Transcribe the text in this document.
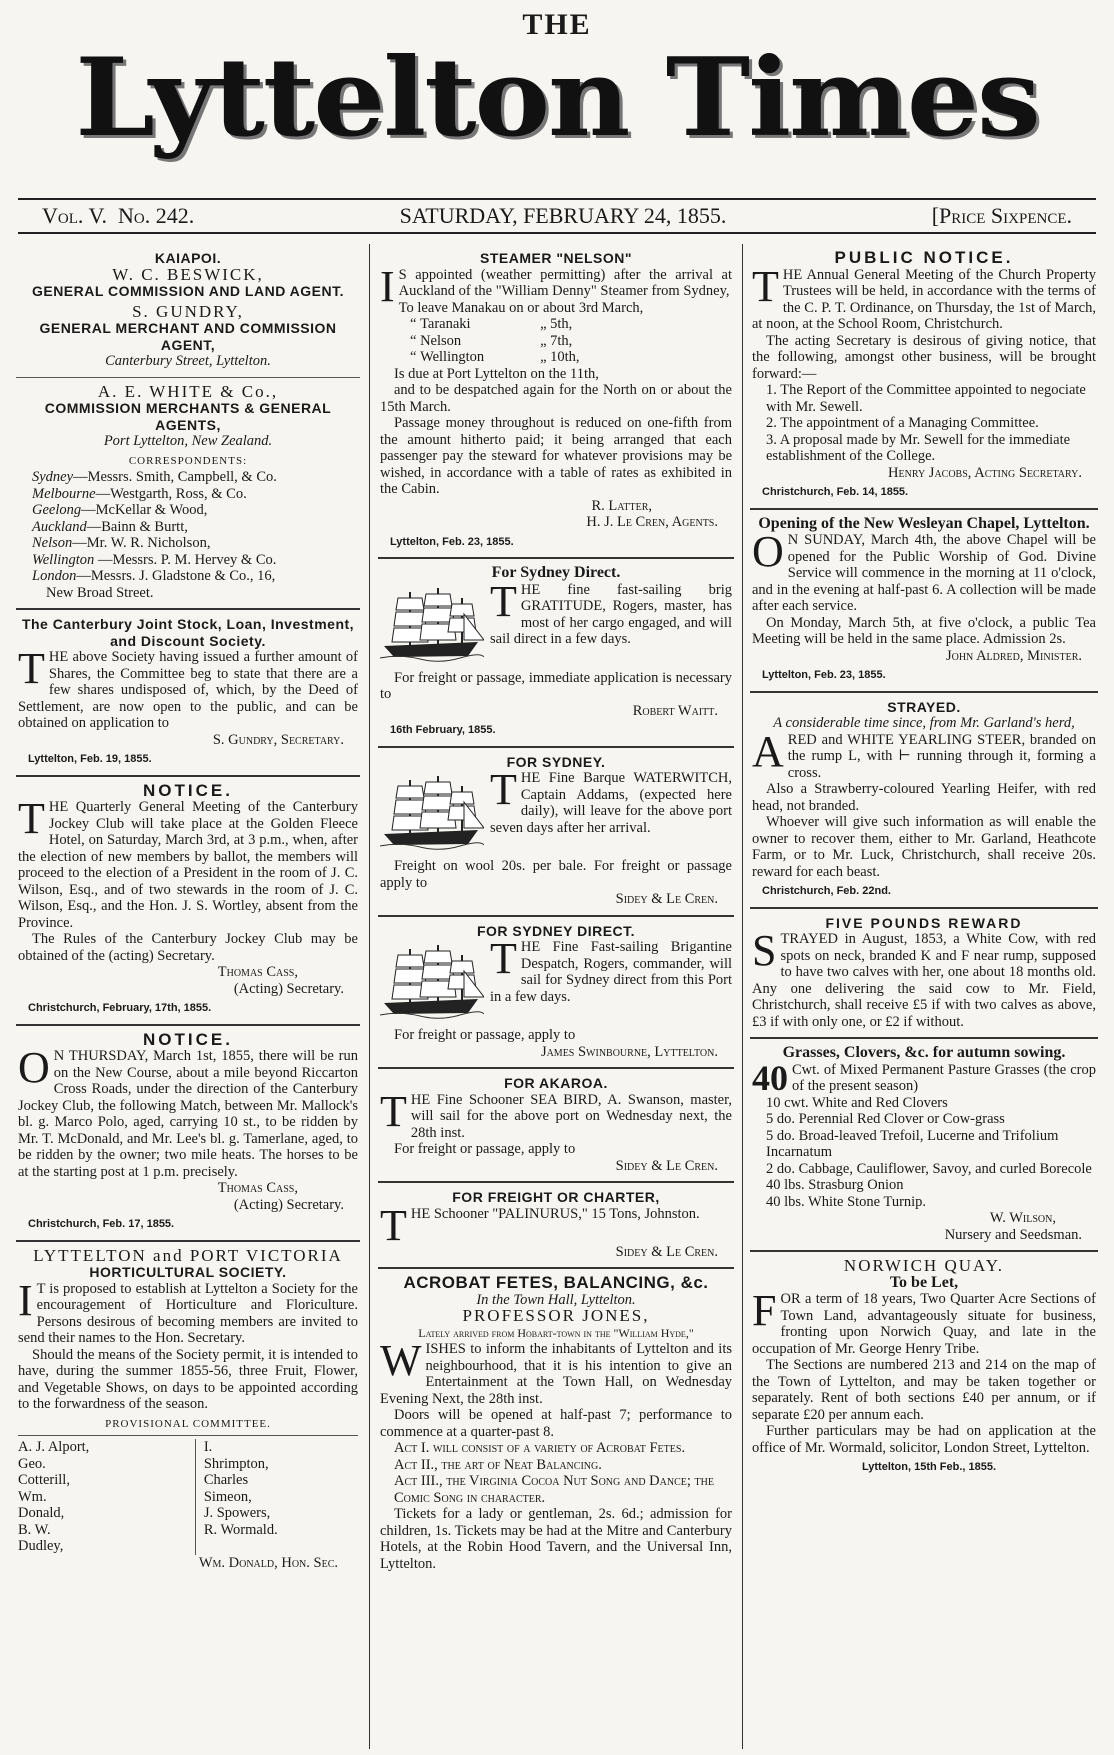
THE
Lyttelton Times
Vol. V. No. 242.	SATURDAY, FEBRUARY 24, 1855.	[Price Sixpence.
KAIAPOI.
W. C. BESWICK,
GENERAL COMMISSION AND LAND AGENT.
S. GUNDRY,
GENERAL MERCHANT AND COMMISSION AGENT,
Canterbury Street, Lyttelton.
A. E. WHITE & Co.,
COMMISSION MERCHANTS & GENERAL AGENTS,
Port Lyttelton, New Zealand.
CORRESPONDENTS:
Sydney—Messrs. Smith, Campbell, & Co.
Melbourne—Westgarth, Ross, & Co.
Geelong—McKellar & Wood,
Auckland—Bainn & Burtt,
Nelson—Mr. W. R. Nicholson,
Wellington —Messrs. P. M. Hervey & Co.
London—Messrs. J. Gladstone & Co., 16,
New Broad Street.
The Canterbury Joint Stock, Loan, Investment, and Discount Society.
THE above Society having issued a further amount of Shares, the Committee beg to state that there are a few shares undisposed of, which, by the Deed of Settlement, are now open to the public, and can be obtained on application to
S. Gundry, Secretary.
Lyttelton, Feb. 19, 1855.
NOTICE.
THE Quarterly General Meeting of the Canterbury Jockey Club will take place at the Golden Fleece Hotel, on Saturday, March 3rd, at 3 p.m., when, after the election of new members by ballot, the members will proceed to the election of a President in the room of J. C. Wilson, Esq., and of two stewards in the room of J. C. Wilson, Esq., and the Hon. J. S. Wortley, absent from the Province.
The Rules of the Canterbury Jockey Club may be obtained of the (acting) Secretary.
Thomas Cass,
(Acting) Secretary.
Christchurch, February, 17th, 1855.
NOTICE.
O N THURSDAY, March 1st, 1855, there will be run on the New Course, about a mile beyond Riccarton Cross Roads, under the direction of the Canterbury Jockey Club, the following Match, between Mr. Mallock's bl. g. Marco Polo, aged, carrying 10 st., to be ridden by Mr. T. McDonald, and Mr. Lee's bl. g. Tamerlane, aged, to be ridden by the owner; two mile heats. The horses to be at the starting post at 1 p.m. precisely.
Thomas Cass,
(Acting) Secretary.
Christchurch, Feb. 17, 1855.
LYTTELTON and PORT VICTORIA
HORTICULTURAL SOCIETY.
I T is proposed to establish at Lyttelton a Society for the encouragement of Horticulture and Floriculture. Persons desirous of becoming members are invited to send their names to the Hon. Secretary.
Should the means of the Society permit, it is intended to have, during the summer 1855-56, three Fruit, Flower, and Vegetable Shows, on days to be appointed according to the forwardness of the season.
PROVISIONAL COMMITTEE.
A. J. Alport,
Geo. Cotterill,
Wm. Donald,
B. W. Dudley,
I. Shrimpton,
Charles Simeon,
J. Spowers,
R. Wormald.
Wm. Donald, Hon. Sec.
STEAMER "NELSON"
I S appointed (weather permitting) after the arrival at Auckland of the "William Denny" Steamer from Sydney,
To leave Manakau on or about 3rd March,
“ Taranaki	„ 5th,
“ Nelson	„ 7th,
“ Wellington	„ 10th,
Is due at Port Lyttelton on the 11th,
and to be despatched again for the North on or about the 15th March.
Passage money throughout is reduced on one-fifth from the amount hitherto paid; it being arranged that each passenger pay the steward for whatever provisions may be wished, in accordance with a table of rates as exhibited in the Cabin.
R. Latter,
H. J. Le Cren, Agents.
Lyttelton, Feb. 23, 1855.
For Sydney Direct.
THE fine fast-sailing brig GRATITUDE, Rogers, master, has most of her cargo engaged, and will sail direct in a few days.
For freight or passage, immediate application is necessary to
Robert Waitt.
16th February, 1855.
FOR SYDNEY.
THE Fine Barque WATERWITCH, Captain Addams, (expected here daily), will leave for the above port seven days after her arrival.
Freight on wool 20s. per bale. For freight or passage apply to
Sidey & Le Cren.
FOR SYDNEY DIRECT.
THE Fine Fast-sailing Brigantine Despatch, Rogers, commander, will sail for Sydney direct from this Port in a few days.
For freight or passage, apply to
James Swinbourne, Lyttelton.
FOR AKAROA.
THE Fine Schooner SEA BIRD, A. Swanson, master, will sail for the above port on Wednesday next, the 28th inst.
For freight or passage, apply to
Sidey & Le Cren.
FOR FREIGHT OR CHARTER,
THE Schooner "PALINURUS," 15 Tons, Johnston.
Sidey & Le Cren.
ACROBAT FETES, BALANCING, &c.
In the Town Hall, Lyttelton.
PROFESSOR JONES,
Lately arrived from Hobart-town in the "William Hyde,"
WISHES to inform the inhabitants of Lyttelton and its neighbourhood, that it is his intention to give an Entertainment at the Town Hall, on Wednesday Evening Next, the 28th inst.
Doors will be opened at half-past 7; performance to commence at a quarter-past 8.
Act I. will consist of a variety of Acrobat Fetes.
Act II., the art of Neat Balancing.
Act III., the Virginia Cocoa Nut Song and Dance; the Comic Song in character.
Tickets for a lady or gentleman, 2s. 6d.; admission for children, 1s. Tickets may be had at the Mitre and Canterbury Hotels, at the Robin Hood Tavern, and the Universal Inn, Lyttelton.
PUBLIC NOTICE.
THE Annual General Meeting of the Church Property Trustees will be held, in accordance with the terms of the C. P. T. Ordinance, on Thursday, the 1st of March, at noon, at the School Room, Christchurch.
The acting Secretary is desirous of giving notice, that the following, amongst other business, will be brought forward:—
1. The Report of the Committee appointed to negociate with Mr. Sewell.
2. The appointment of a Managing Committee.
3. A proposal made by Mr. Sewell for the immediate establishment of the College.
Henry Jacobs, Acting Secretary.
Christchurch, Feb. 14, 1855.
Opening of the New Wesleyan Chapel, Lyttelton.
O N SUNDAY, March 4th, the above Chapel will be opened for the Public Worship of God. Divine Service will commence in the morning at 11 o'clock, and in the evening at half-past 6. A collection will be made after each service.
On Monday, March 5th, at five o'clock, a public Tea Meeting will be held in the same place. Admission 2s.
John Aldred, Minister.
Lyttelton, Feb. 23, 1855.
STRAYED.
A considerable time since, from Mr. Garland's herd,
ARED and WHITE YEARLING STEER, branded on the rump L, with ⊢ running through it, forming a cross.
Also a Strawberry-coloured Yearling Heifer, with red head, not branded.
Whoever will give such information as will enable the owner to recover them, either to Mr. Garland, Heathcote Farm, or to Mr. Luck, Christchurch, shall receive 20s. reward for each beast.
Christchurch, Feb. 22nd.
FIVE POUNDS REWARD
STRAYED in August, 1853, a White Cow, with red spots on neck, branded K and F near rump, supposed to have two calves with her, one about 18 months old. Any one delivering the said cow to Mr. Field, Christchurch, shall receive £5 if with two calves as above, £3 if with only one, or £2 if without.
Grasses, Clovers, &c. for autumn sowing.
40 Cwt. of Mixed Permanent Pasture Grasses (the crop of the present season)
10 cwt. White and Red Clovers
5 do. Perennial Red Clover or Cow-grass
5 do. Broad-leaved Trefoil, Lucerne and Trifolium Incarnatum
2 do. Cabbage, Cauliflower, Savoy, and curled Borecole
40 lbs. Strasburg Onion
40 lbs. White Stone Turnip.
W. Wilson,
Nursery and Seedsman.
NORWICH QUAY.
To be Let,
FOR a term of 18 years, Two Quarter Acre Sections of Town Land, advantageously situate for business, fronting upon Norwich Quay, and late in the occupation of Mr. George Henry Tribe.
The Sections are numbered 213 and 214 on the map of the Town of Lyttelton, and may be taken together or separately. Rent of both sections £40 per annum, or if separate £20 per annum each.
Further particulars may be had on application at the office of Mr. Wormald, solicitor, London Street, Lyttelton.
Lyttelton, 15th Feb., 1855.
